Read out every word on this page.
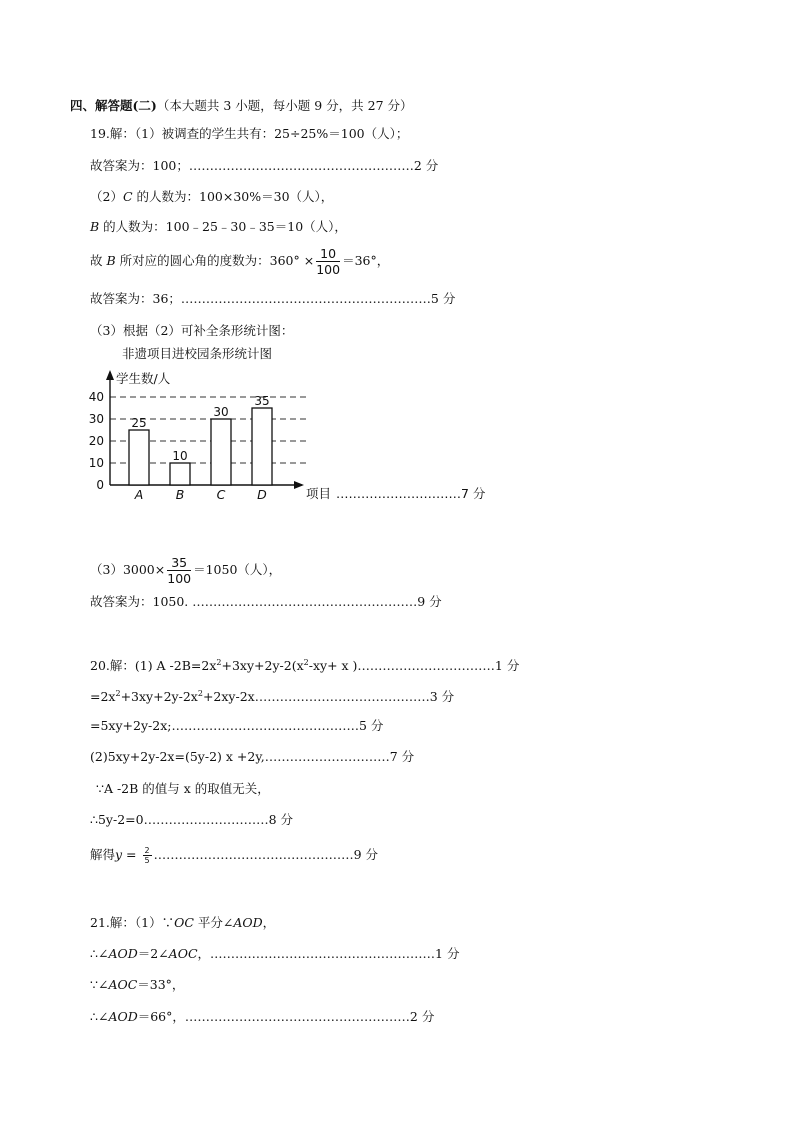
四、解答题(二)（本大题共 3 小题，每小题 9 分，共 27 分）
19.解：（1）被调查的学生共有：25÷25%＝100（人）；
故答案为：100；………………………………………………2 分
（2）C 的人数为：100×30%＝30（人），
B 的人数为：100﹣25﹣30﹣35＝10（人），
故 B 所对应的圆心角的度数为：$360^\circ \times \frac{10}{100} =36^\circ$，
故答案为：36；……………………………………………………5 分
（3）根据（2）可补全条形统计图：
非遗项目进校园条形统计图
学生数/人
0
10
20
30
40
项目 …………………………7 分
25
A
10
B
30
C
35
D
$(3)3000\times \frac{35}{100} =1050$（人），
故答案为：1050. ………………………………………………9 分
20.解：(1) A $-2B=2x^2+3xy+2y-2(x^2-xy+ x$ )……………………………1 分
$=2x^2+3xy+2y-2x^2+2xy-2x\dots\dots\dots\dots\dots\dots\dots\dots\dots\dots\dots\dots\dots\dots 3$ 分
=5xy+2y-2x;………………………………………5 分
(2)5xy+2y-2x=(5y-2) x +2y,…………………………7 分
∵A -2B 的值与 x 的取值无关，
∴5y-2=0…………………………8 分
解得$y = \frac{2}{5}$ …………………………………………9 分
21.解：（1）∵OC 平分∠AOD，
∴∠AOD＝2∠AOC，………………………………………………1 分
∵∠AOC＝33°，
∴∠AOD＝66°，………………………………………………2 分
